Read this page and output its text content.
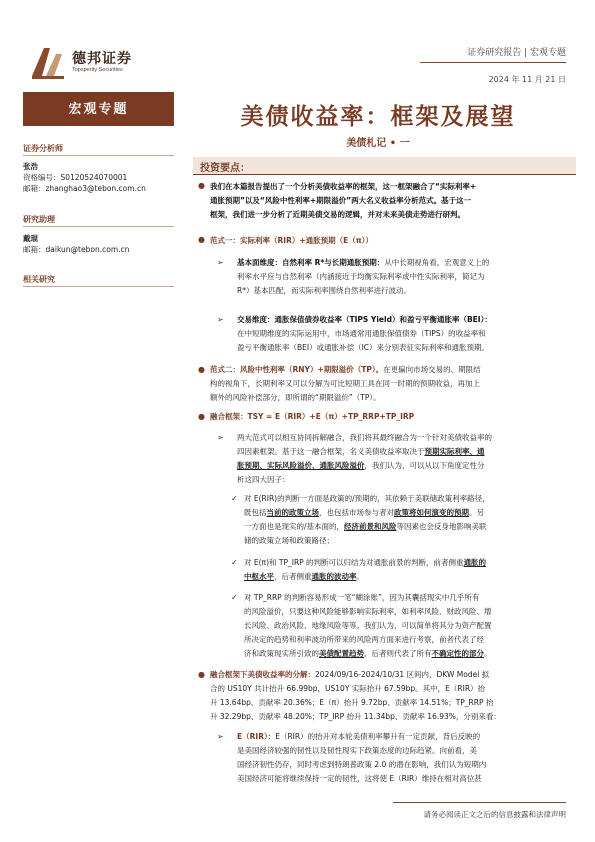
德邦证券
Topsperity Securities
证券研究报告 | 宏观专题
2024 年 11 月 21 日
宏观专题
证券分析师
张浩
资格编号：S0120524070001
邮箱：zhanghao3@tebon.com.cn
研究助理
戴琨
邮箱：daikun@tebon.com.cn
相关研究
美债收益率：框架及展望
美债札记 • 一
投资要点：
● 我们在本篇报告提出了一个分析美债收益率的框架，这一框架融合了“实际利率+
通胀预期”以及“风险中性利率+期限溢价”两大名义收益率分析范式。基于这一
框架，我们进一步分析了近期美债交易的逻辑，并对未来美债走势进行研判。
● 范式一：实际利率（RIR）+通胀预期（E（π））
➢ 基本面维度：自然利率 R*与长期通胀预期：从中长期视角看，宏观意义上的
利率水平应与自然利率（内涵接近于均衡实际利率或中性实际利率，简记为
R*）基本匹配，而实际利率围绕自然利率进行波动。
➢ 交易维度：通胀保值债券收益率（TIPS Yield）和盈亏平衡通胀率（BEI）：
在中短期维度的实际运用中，市场通常用通胀保值债券（TIPS）的收益率和
盈亏平衡通胀率（BEI）或通胀补偿（IC）来分别表征实际利率和通胀预期。
● 范式二：风险中性利率（RNY）+期限溢价（TP）。在更偏向市场交易的、期限结
构的视角下，长期利率又可以分解为可比短期工具在同一时期的预期收益，再加上
额外的风险补偿部分，即所谓的“期限溢价”（TP）。
● 融合框架：TSY = E（RIR）+E（π）+TP_RRP+TP_IRP
➢ 两大范式可以相互协同拆解融合，我们将其最终融合为一个针对美债收益率的
四因素框架。基于这一融合框架，名义美债收益率取决于预期实际利率、通
胀预期、实际风险溢价、通胀风险溢价，我们认为，可以从以下角度定性分
析这四大因子：
✓ 对 E(RIR)的判断一方面是政策的/预期的，其依赖于美联储政策利率路径，
既包括当前的政策立场，也包括市场参与者对政策将如何演变的预期。另
一方面也是现实的/基本面的，经济前景和风险等因素也会反身地影响美联
储的政策立场和政策路径；
✓ 对 E(π)和 TP_IRP 的判断可以归结为对通胀前景的判断，前者侧重通胀的
中枢水平，后者侧重通胀的波动率。
✓ 对 TP_RRP 的判断容易形成一笔“糊涂账”，因为其囊括现实中几乎所有
的风险溢价，只要这种风险能够影响实际利率，如利率风险、财政风险、增
长风险、政治风险、地缘风险等等。我们认为，可以简单将其分为资产配置
所决定的趋势和利率波动所带来的风险两方面来进行考察，前者代表了经
济和政策现实所引致的美债配置趋势，后者则代表了所有不确定性的部分。
● 融合框架下美债收益率的分解：2024/09/16-2024/10/31 区间内，DKW Model 拟
合的 US10Y 共计抬升 66.99bp，US10Y 实际抬升 67.59bp。其中，E（RIR）抬
升 13.64bp、贡献率 20.36%；E（π）抬升 9.72bp、贡献率 14.51%；TP_RRP 抬
升 32.29bp、贡献率 48.20%；TP_IRP 抬升 11.34bp、贡献率 16.93%，分别来看：
➢ E（RIR）：E（RIR）的抬升对本轮美债利率攀升有一定贡献，背后反映的
是美国经济较强的韧性以及韧性现实下政策态度的边际趋紧。向前看，美
国经济韧性仍存，同时考虑到特朗普政策 2.0 的潜在影响，我们认为短期内
美国经济可能将继续保持一定的韧性，这将使 E（RIR）维持在相对高位甚
请务必阅读正文之后的信息披露和法律声明
